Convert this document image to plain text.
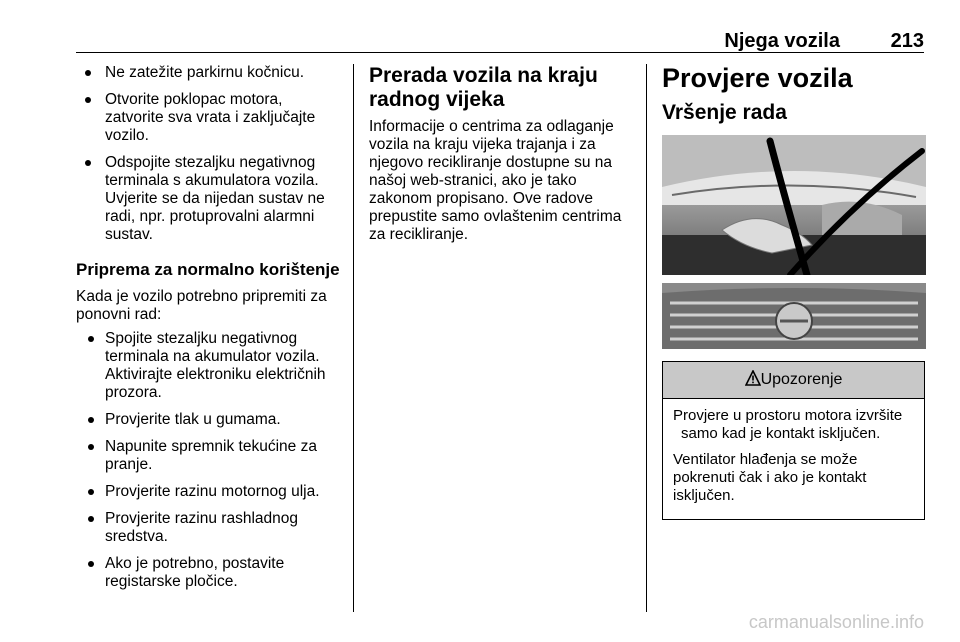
Njega vozila	213
Ne zatežite parkirnu kočnicu.
Otvorite poklopac motora, zatvorite sva vrata i zaključajte vozilo.
Odspojite stezaljku negativnog terminala s akumulatora vozila. Uvjerite se da nijedan sustav ne radi, npr. protuprovalni alarmni sustav.
Priprema za normalno korištenje

Kada je vozilo potrebno pripremiti za ponovni rad:

Spojite stezaljku negativnog terminala na akumulator vozila. Aktivirajte elektroniku električnih prozora.
Provjerite tlak u gumama.
Napunite spremnik tekućine za pranje.
Provjerite razinu motornog ulja.
Provjerite razinu rashladnog sredstva.
Ako je potrebno, postavite registarske pločice.
Prerada vozila na kraju radnog vijeka

Informacije o centrima za odlaganje vozila na kraju vijeka trajanja i za njegovo recikliranje dostupne su na našoj web-stranici, ako je tako zakonom propisano. Ove radove prepustite samo ovlaštenim centrima za recikliranje.

Provjere vozila
Vršenje rada
Upozorenje

Provjere u prostoru motora izvršite samo kad je kontakt isključen.

Ventilator hlađenja se može pokrenuti čak i ako je kontakt isključen.

carmanualsonline.info
